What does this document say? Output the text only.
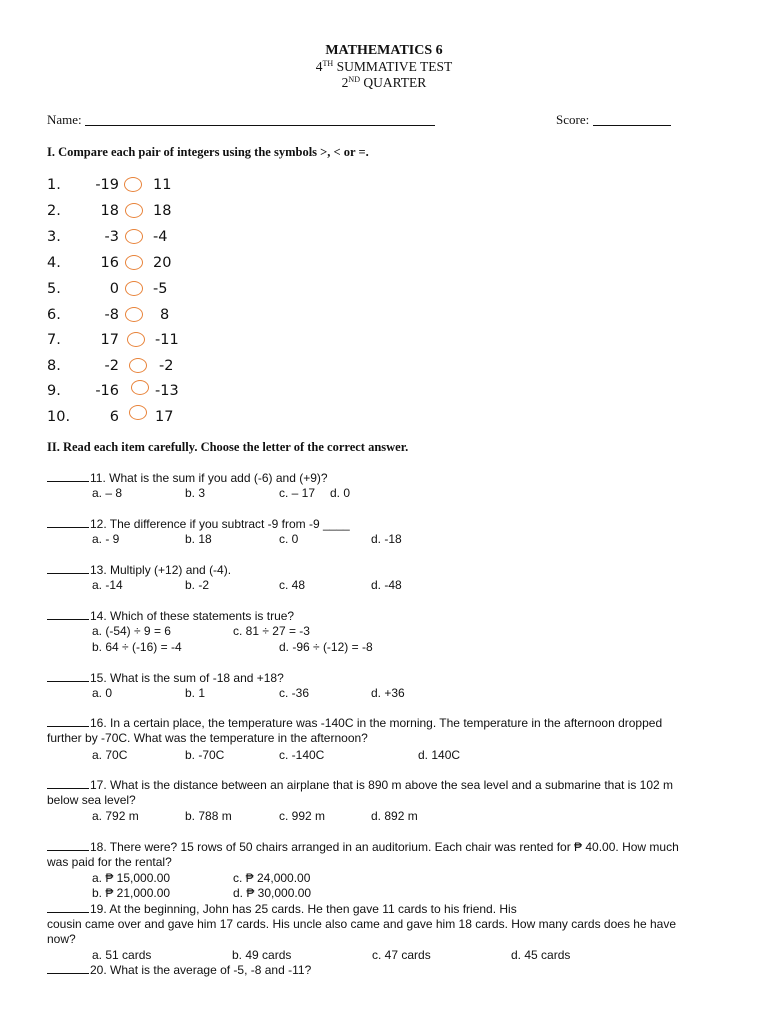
MATHEMATICS 6
4TH SUMMATIVE TEST
2ND QUARTER
Name:	Score:
I. Compare each pair of integers using the symbols >, < or =.
1.	-19 11
2.	18 18
3.	-3 -4
4.	16 20
5.	0 -5
6.	-8	8
7.	17 -11
8.	-2	-2
9.	-16 -13
10.	6 17
II. Read each item carefully. Choose the letter of the correct answer.
11. What is the sum if you add (-6) and (+9)?
a. – 8	b. 3	c. – 17 d. 0
12. The difference if you subtract -9 from -9 ____
a. - 9	b. 18	c. 0	d. -18
13. Multiply (+12) and (-4).
a. -14	b. -2	c. 48	d. -48
14. Which of these statements is true?
a. (-54) ÷ 9 = 6	c. 81 ÷ 27 = -3
b. 64 ÷ (-16) = -4	d. -96 ÷ (-12) = -8
15. What is the sum of -18 and +18?
a. 0	b. 1	c. -36	d. +36
16. In a certain place, the temperature was -140C in the morning. The temperature in the afternoon dropped
further by -70C. What was the temperature in the afternoon?
a. 70C	b. -70C	c. -140C	d. 140C
17. What is the distance between an airplane that is 890 m above the sea level and a submarine that is 102 m
below sea level?
a. 792 m	b. 788 m	c. 992 m	d. 892 m
18. There were? 15 rows of 50 chairs arranged in an auditorium. Each chair was rented for ₱ 40.00. How much
was paid for the rental?
a. ₱ 15,000.00	c. ₱ 24,000.00
b. ₱ 21,000.00	d. ₱ 30,000.00
19. At the beginning, John has 25 cards. He then gave 11 cards to his friend. His
cousin came over and gave him 17 cards. His uncle also came and gave him 18 cards. How many cards does he have
now?
a. 51 cards	b. 49 cards	c. 47 cards	d. 45 cards
20. What is the average of -5, -8 and -11?
